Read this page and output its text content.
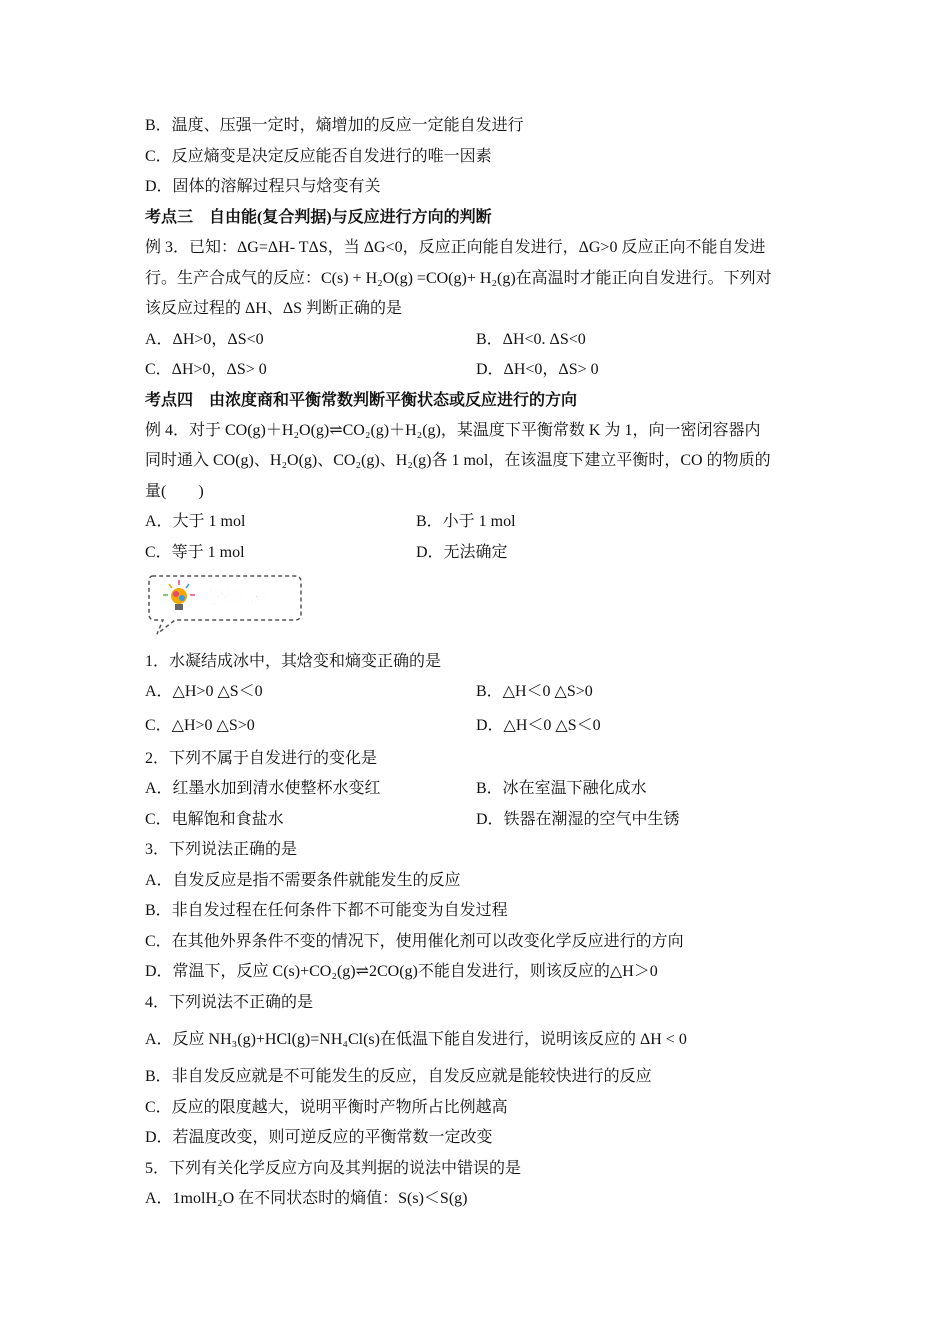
B．温度、压强一定时，熵增加的反应一定能自发进行
C．反应熵变是决定反应能否自发进行的唯一因素
D．固体的溶解过程只与焓变有关
考点三　自由能(复合判据)与反应进行方向的判断
例 3．已知：ΔG=ΔH- TΔS，当 ΔG<0，反应正向能自发进行，ΔG>0 反应正向不能自发进
行。生产合成气的反应：C(s) + H₂O(g) =CO(g)+ H₂(g)在高温时才能正向自发进行。下列对
该反应过程的 ΔH、ΔS 判断正确的是
A．ΔH>0，ΔS<0	B．ΔH<0. ΔS<0
C．ΔH>0，ΔS> 0	D．ΔH<0，ΔS> 0
考点四　由浓度商和平衡常数判断平衡状态或反应进行的方向
例 4．对于 CO(g)＋H₂O(g)⇌CO₂(g)＋H₂(g)，某温度下平衡常数 K 为 1，向一密闭容器内
同时通入 CO(g)、H₂O(g)、CO₂(g)、H₂(g)各 1 mol，在该温度下建立平衡时，CO 的物质的
量(　　)
A．大于 1 mol	B．小于 1 mol
C．等于 1 mol	D．无法确定
夯实基础
1．水凝结成冰中，其焓变和熵变正确的是
A．△H>0 △S＜0	B．△H＜0 △S>0
C．△H>0 △S>0	D．△H＜0 △S＜0
2．下列不属于自发进行的变化是
A．红墨水加到清水使整杯水变红	B．冰在室温下融化成水
C．电解饱和食盐水	D．铁器在潮湿的空气中生锈
3．下列说法正确的是
A．自发反应是指不需要条件就能发生的反应
B．非自发过程在任何条件下都不可能变为自发过程
C．在其他外界条件不变的情况下，使用催化剂可以改变化学反应进行的方向
D．常温下，反应 C(s)+CO₂(g)⇌2CO(g)不能自发进行，则该反应的△H＞0
4．下列说法不正确的是
A．反应 NH₃(g)+HCl(g)=NH₄Cl(s)在低温下能自发进行，说明该反应的 ΔH < 0
B．非自发反应就是不可能发生的反应，自发反应就是能较快进行的反应
C．反应的限度越大，说明平衡时产物所占比例越高
D．若温度改变，则可逆反应的平衡常数一定改变
5．下列有关化学反应方向及其判据的说法中错误的是
A．1molH₂O 在不同状态时的熵值：S(s)＜S(g)
